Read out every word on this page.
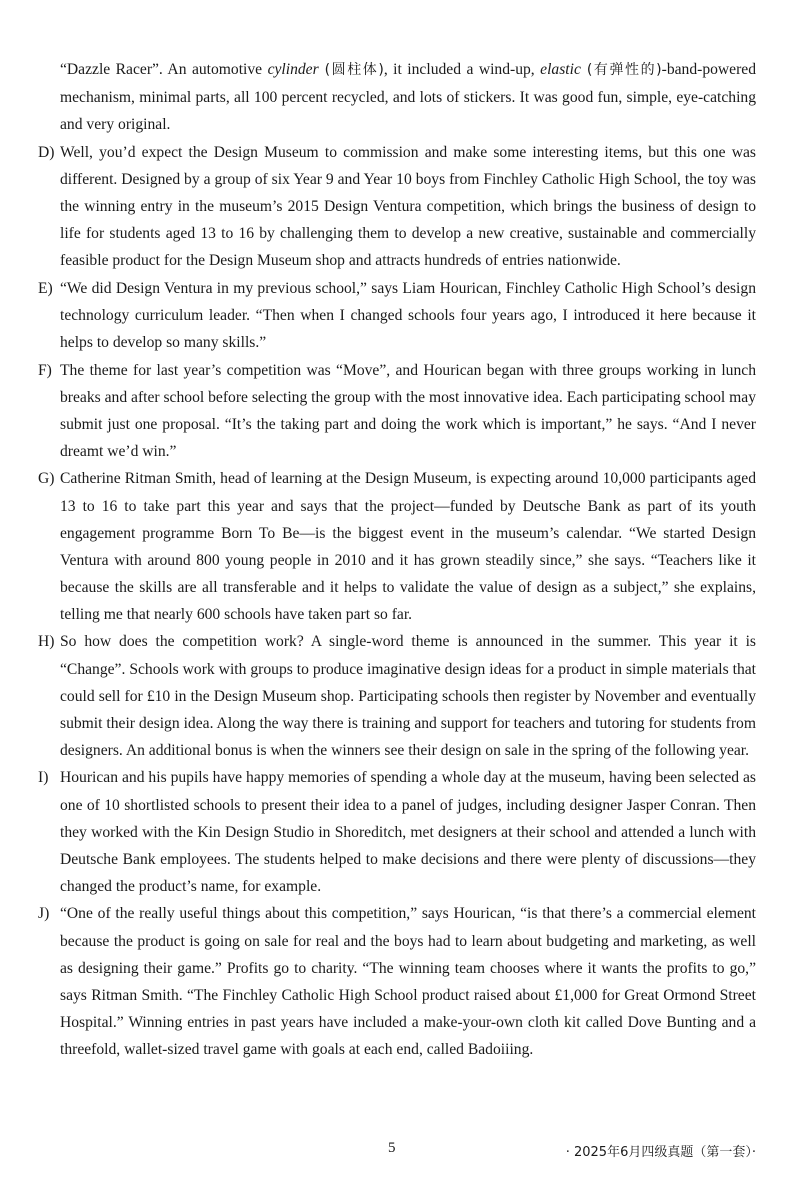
“Dazzle Racer”. An automotive cylinder (圆柱体), it included a wind-up, elastic (有弹性的)-band-powered mechanism, minimal parts, all 100 percent recycled, and lots of stickers. It was good fun, simple, eye-catching and very original.

D) Well, you’d expect the Design Museum to commission and make some interesting items, but this one was different. Designed by a group of six Year 9 and Year 10 boys from Finchley Catholic High School, the toy was the winning entry in the museum’s 2015 Design Ventura competition, which brings the business of design to life for students aged 13 to 16 by challenging them to develop a new creative, sustainable and commercially feasible product for the Design Museum shop and attracts hundreds of entries nationwide.

E) “We did Design Ventura in my previous school,” says Liam Hourican, Finchley Catholic High School’s design technology curriculum leader. “Then when I changed schools four years ago, I introduced it here because it helps to develop so many skills.”

F) The theme for last year’s competition was “Move”, and Hourican began with three groups working in lunch breaks and after school before selecting the group with the most innovative idea. Each participating school may submit just one proposal. “It’s the taking part and doing the work which is important,” he says. “And I never dreamt we’d win.”

G) Catherine Ritman Smith, head of learning at the Design Museum, is expecting around 10,000 participants aged 13 to 16 to take part this year and says that the project—funded by Deutsche Bank as part of its youth engagement programme Born To Be—is the biggest event in the museum’s calendar. “We started Design Ventura with around 800 young people in 2010 and it has grown steadily since,” she says. “Teachers like it because the skills are all transferable and it helps to validate the value of design as a subject,” she explains, telling me that nearly 600 schools have taken part so far.

H) So how does the competition work? A single-word theme is announced in the summer. This year it is “Change”. Schools work with groups to produce imaginative design ideas for a product in simple materials that could sell for £10 in the Design Museum shop. Participating schools then register by November and eventually submit their design idea. Along the way there is training and support for teachers and tutoring for students from designers. An additional bonus is when the winners see their design on sale in the spring of the following year.

I) Hourican and his pupils have happy memories of spending a whole day at the museum, having been selected as one of 10 shortlisted schools to present their idea to a panel of judges, including designer Jasper Conran. Then they worked with the Kin Design Studio in Shoreditch, met designers at their school and attended a lunch with Deutsche Bank employees. The students helped to make decisions and there were plenty of discussions—they changed the product’s name, for example.

J) “One of the really useful things about this competition,” says Hourican, “is that there’s a commercial element because the product is going on sale for real and the boys had to learn about budgeting and marketing, as well as designing their game.” Profits go to charity. “The winning team chooses where it wants the profits to go,” says Ritman Smith. “The Finchley Catholic High School product raised about £1,000 for Great Ormond Street Hospital.” Winning entries in past years have included a make-your-own cloth kit called Dove Bunting and a threefold, wallet-sized travel game with goals at each end, called Badoiiing.

5	· 2025年6月四级真题（第一套）·
